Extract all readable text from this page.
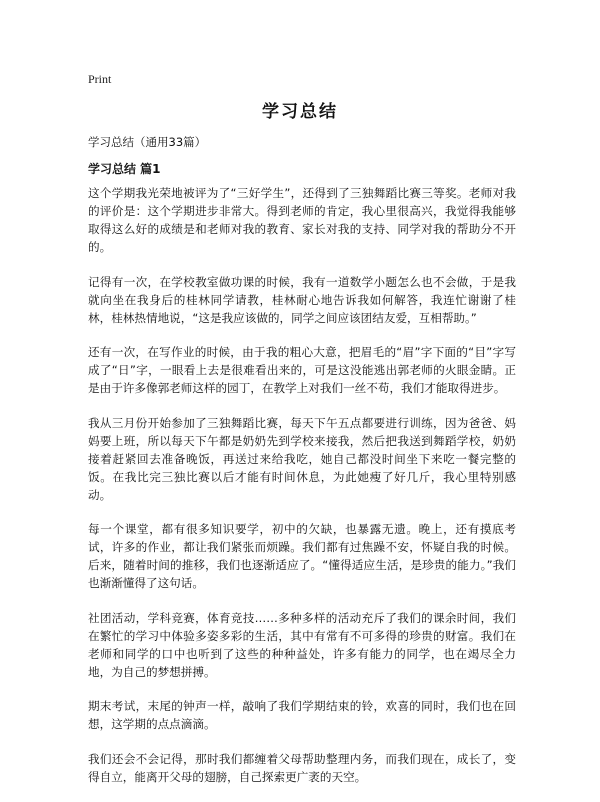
Print
学习总结

学习总结（通用33篇）

学习总结 篇1

这个学期我光荣地被评为了“三好学生”，还得到了三独舞蹈比赛三等奖。老师对我的评价是：这个学期进步非常大。得到老师的肯定，我心里很高兴，我觉得我能够取得这么好的成绩是和老师对我的教育、家长对我的支持、同学对我的帮助分不开的。

记得有一次，在学校教室做功课的时候，我有一道数学小题怎么也不会做，于是我就向坐在我身后的桂林同学请教，桂林耐心地告诉我如何解答，我连忙谢谢了桂林，桂林热情地说，“这是我应该做的，同学之间应该团结友爱，互相帮助。”

还有一次，在写作业的时候，由于我的粗心大意，把眉毛的“眉”字下面的“目”字写成了“日”字，一眼看上去是很难看出来的，可是这没能逃出郭老师的火眼金睛。正是由于许多像郭老师这样的园丁，在教学上对我们一丝不苟，我们才能取得进步。

我从三月份开始参加了三独舞蹈比赛，每天下午五点都要进行训练，因为爸爸、妈妈要上班，所以每天下午都是奶奶先到学校来接我，然后把我送到舞蹈学校，奶奶接着赶紧回去准备晚饭，再送过来给我吃，她自己都没时间坐下来吃一餐完整的饭。在我比完三独比赛以后才能有时间休息，为此她瘦了好几斤，我心里特别感动。

每一个课堂，都有很多知识要学，初中的欠缺，也暴露无遗。晚上，还有摸底考试，许多的作业，都让我们紧张而烦躁。我们都有过焦躁不安，怀疑自我的时候。后来，随着时间的推移，我们也逐渐适应了。“懂得适应生活，是珍贵的能力。”我们也渐渐懂得了这句话。

社团活动，学科竞赛，体育竞技……多种多样的活动充斥了我们的课余时间，我们在繁忙的学习中体验多姿多彩的生活，其中有常有不可多得的珍贵的财富。我们在老师和同学的口中也听到了这些的种种益处，许多有能力的同学，也在竭尽全力地，为自己的梦想拼搏。

期末考试，末尾的钟声一样，敲响了我们学期结束的铃，欢喜的同时，我们也在回想，这学期的点点滴滴。

我们还会不会记得，那时我们都缠着父母帮助整理内务，而我们现在，成长了，变得自立，能离开父母的翅膀，自己探索更广袤的天空。
